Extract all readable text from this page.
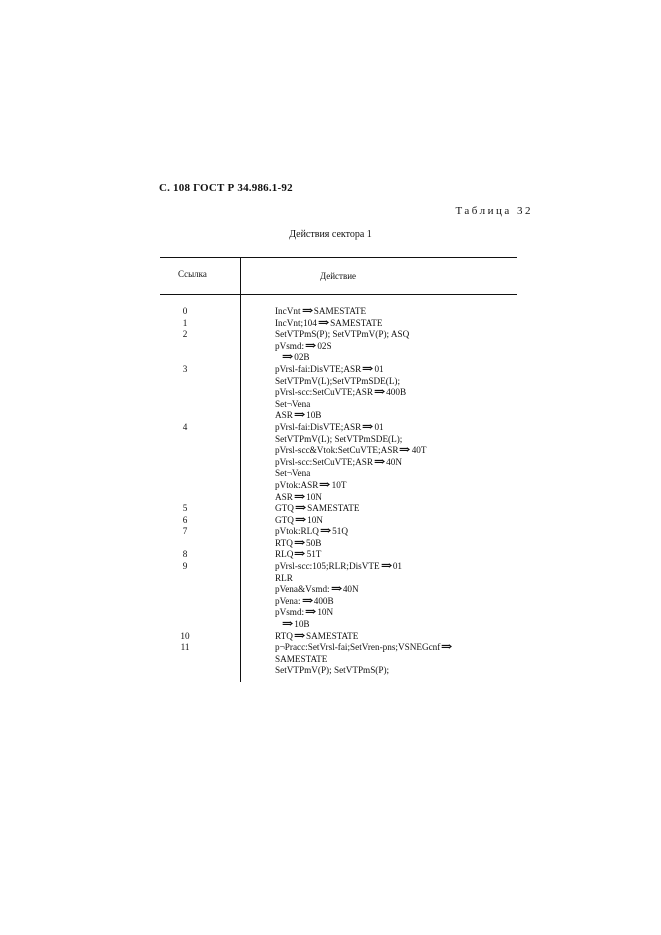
С. 108 ГОСТ Р 34.986.1-92
Таблица 32
Действия сектора 1
Ссылка	Действие
0	IncVnt⇒SAMESTATE
1	IncVnt;104⇒SAMESTATE
2	SetVTPmS(P); SetVTPmV(P); ASQ
pVsmd:⇒02S
⇒02B
3	pVrsl-fai:DisVTE;ASR⇒01
SetVTPmV(L);SetVTPmSDE(L);
pVrsl-scc:SetCuVTE;ASR⇒400B
Set¬Vena
ASR⇒10B
4	pVrsl-fai:DisVTE;ASR⇒01
SetVTPmV(L); SetVTPmSDE(L);
pVrsl-scc&Vtok:SetCuVTE;ASR⇒40T
pVrsl-scc:SetCuVTE;ASR⇒40N
Set¬Vena
pVtok:ASR⇒10T
ASR⇒10N
5	GTQ⇒SAMESTATE
6	GTQ⇒10N
7	pVtok:RLQ⇒51Q
RTQ⇒50B
8	RLQ⇒51T
9	pVrsl-scc:105;RLR;DisVTE⇒01
RLR
pVena&Vsmd:⇒40N
pVena:⇒400B
pVsmd:⇒10N
⇒10B
10	RTQ⇒SAMESTATE
11	p¬Pracc:SetVrsl-fai;SetVren-pns;VSNEGcnf⇒
SAMESTATE
SetVTPmV(P); SetVTPmS(P);
